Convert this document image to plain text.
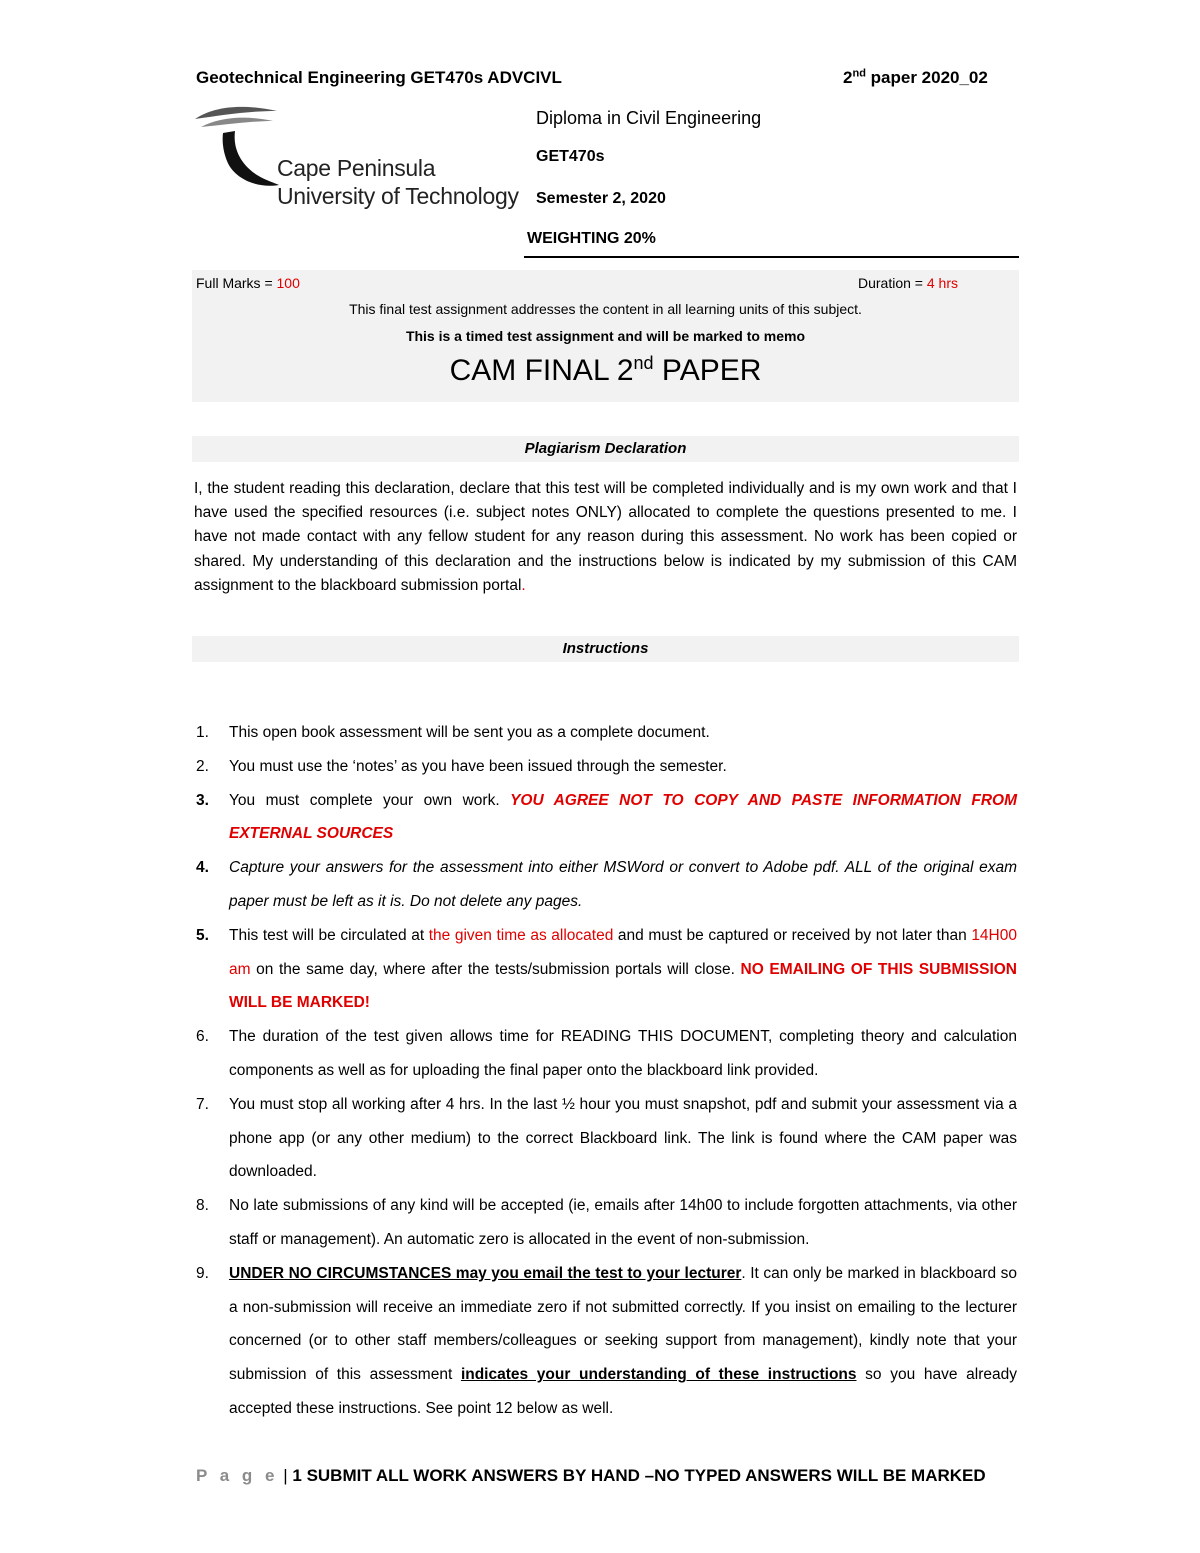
Geotechnical Engineering GET470s ADVCIVL	2nd paper 2020_02
Cape Peninsula
University of Technology
Diploma in Civil Engineering
GET470s
Semester 2, 2020
WEIGHTING 20%
Full Marks = 100	Duration = 4 hrs
This final test assignment addresses the content in all learning units of this subject.
This is a timed test assignment and will be marked to memo
CAM FINAL 2nd PAPER
Plagiarism Declaration
I, the student reading this declaration, declare that this test will be completed individually and is my own work and that I have used the specified resources (i.e. subject notes ONLY) allocated to complete the questions presented to me. I have not made contact with any fellow student for any reason during this assessment. No work has been copied or shared. My understanding of this declaration and the instructions below is indicated by my submission of this CAM assignment to the blackboard submission portal.
Instructions
1. This open book assessment will be sent you as a complete document.
2. You must use the ‘notes’ as you have been issued through the semester.
3. You must complete your own work. YOU AGREE NOT TO COPY AND PASTE INFORMATION FROM EXTERNAL SOURCES
4. Capture your answers for the assessment into either MSWord or convert to Adobe pdf. ALL of the original exam paper must be left as it is. Do not delete any pages.
5. This test will be circulated at the given time as allocated and must be captured or received by not later than 14H00 am on the same day, where after the tests/submission portals will close. NO EMAILING OF THIS SUBMISSION WILL BE MARKED!
6. The duration of the test given allows time for READING THIS DOCUMENT, completing theory and calculation components as well as for uploading the final paper onto the blackboard link provided.
7. You must stop all working after 4 hrs. In the last ½ hour you must snapshot, pdf and submit your assessment via a phone app (or any other medium) to the correct Blackboard link. The link is found where the CAM paper was downloaded.
8. No late submissions of any kind will be accepted (ie, emails after 14h00 to include forgotten attachments, via other staff or management). An automatic zero is allocated in the event of non-submission.
9. UNDER NO CIRCUMSTANCES may you email the test to your lecturer. It can only be marked in blackboard so a non-submission will receive an immediate zero if not submitted correctly. If you insist on emailing to the lecturer concerned (or to other staff members/colleagues or seeking support from management), kindly note that your submission of this assessment indicates your understanding of these instructions so you have already accepted these instructions. See point 12 below as well.
P a g e | 1 SUBMIT ALL WORK ANSWERS BY HAND –NO TYPED ANSWERS WILL BE MARKED
